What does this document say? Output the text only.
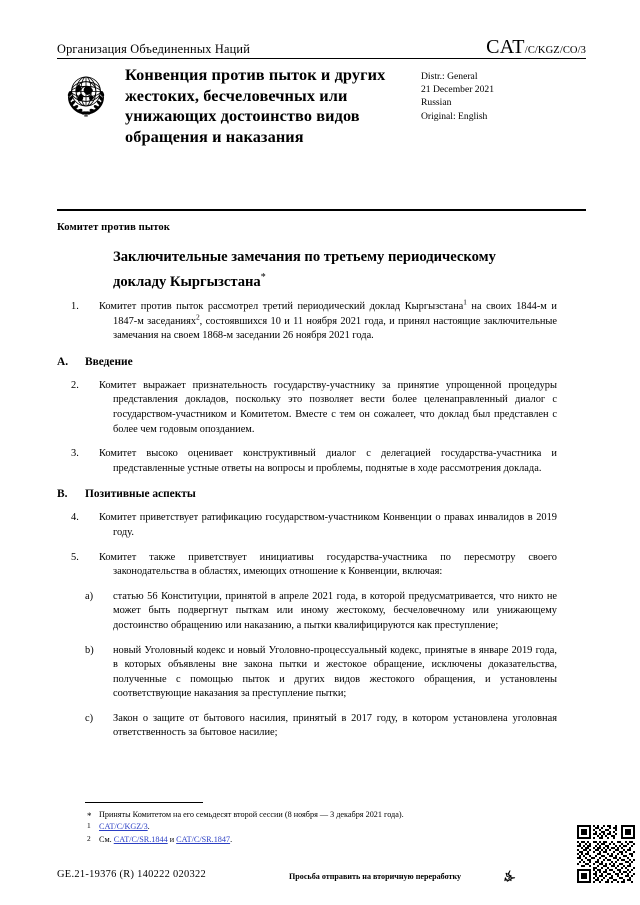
Организация Объединенных Наций	CAT/C/KGZ/CO/3
Конвенция против пыток и других жестоких, бесчеловечных или унижающих достоинство видов обращения и наказания
Distr.: General
21 December 2021
Russian
Original: English
Комитет против пыток
Заключительные замечания по третьему периодическому докладу Кыргызстана*

1. Комитет против пыток рассмотрел третий периодический доклад Кыргызстана$^1$ на своих 1844-м и 1847-м заседаниях$^2$, состоявшихся 10 и 11 ноября 2021 года, и принял настоящие заключительные замечания на своем 1868-м заседании 26 ноября 2021 года.

A. Введение

2. Комитет выражает признательность государству-участнику за принятие упрощенной процедуры представления докладов, поскольку это позволяет вести более целенаправленный диалог с государством-участником и Комитетом. Вместе с тем он сожалеет, что доклад был представлен с более чем годовым опозданием.

3. Комитет высоко оценивает конструктивный диалог с делегацией государства-участника и представленные устные ответы на вопросы и проблемы, поднятые в ходе рассмотрения доклада.

B. Позитивные аспекты

4. Комитет приветствует ратификацию государством-участником Конвенции о правах инвалидов в 2019 году.

5. Комитет также приветствует инициативы государства-участника по пересмотру своего законодательства в областях, имеющих отношение к Конвенции, включая:

a) статью 56 Конституции, принятой в апреле 2021 года, в которой предусматривается, что никто не может быть подвергнут пыткам или иному жестокому, бесчеловечному или унижающему достоинство обращению или наказанию, а пытки квалифицируются как преступление;

b) новый Уголовный кодекс и новый Уголовно-процессуальный кодекс, принятые в январе 2019 года, в которых объявлены вне закона пытки и жестокое обращение, исключены доказательства, полученные с помощью пыток и других видов жестокого обращения, и установлены соответствующие наказания за преступление пытки;

c) Закон о защите от бытового насилия, принятый в 2017 году, в котором установлена уголовная ответственность за бытовое насилие;

* Приняты Комитетом на его семьдесят второй сессии (8 ноября — 3 декабря 2021 года).
1 CAT/C/KGZ/3.
2 См. CAT/C/SR.1844 и CAT/C/SR.1847.
GE.21-19376 (R) 140222 020322	Просьба отправить на вторичную переработку
